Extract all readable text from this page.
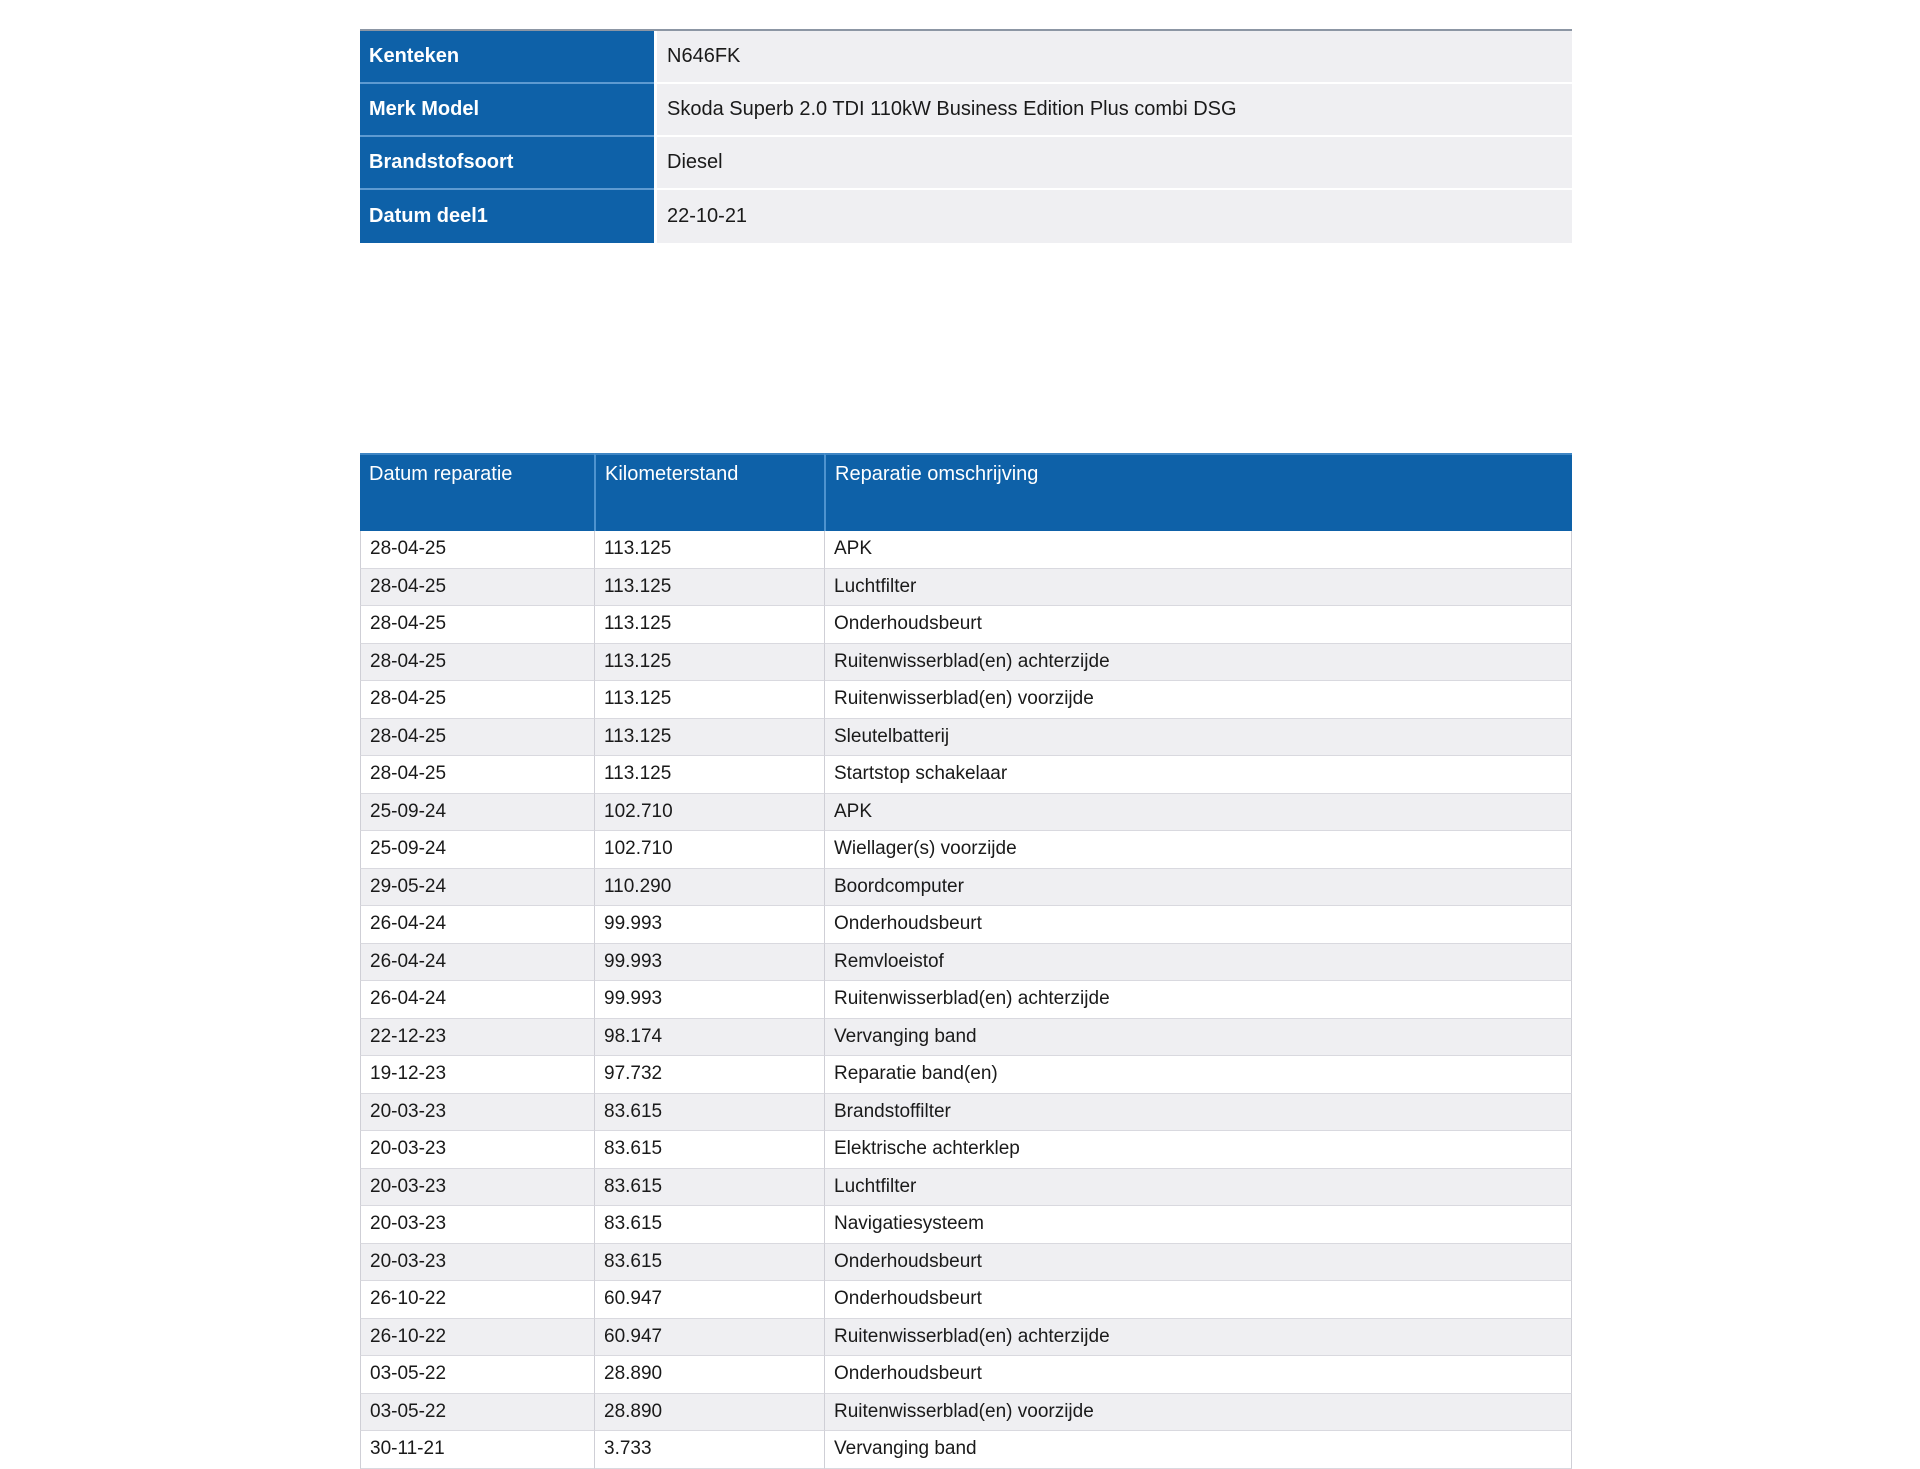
Kenteken	N646FK
Merk Model	Skoda Superb 2.0 TDI 110kW Business Edition Plus combi DSG
Brandstofsoort	Diesel
Datum deel1	22-10-21
Datum reparatie	Kilometerstand	Reparatie omschrijving
28-04-25	113.125	APK
28-04-25	113.125	Luchtfilter
28-04-25	113.125	Onderhoudsbeurt
28-04-25	113.125	Ruitenwisserblad(en) achterzijde
28-04-25	113.125	Ruitenwisserblad(en) voorzijde
28-04-25	113.125	Sleutelbatterij
28-04-25	113.125	Startstop schakelaar
25-09-24	102.710	APK
25-09-24	102.710	Wiellager(s) voorzijde
29-05-24	110.290	Boordcomputer
26-04-24	99.993	Onderhoudsbeurt
26-04-24	99.993	Remvloeistof
26-04-24	99.993	Ruitenwisserblad(en) achterzijde
22-12-23	98.174	Vervanging band
19-12-23	97.732	Reparatie band(en)
20-03-23	83.615	Brandstoffilter
20-03-23	83.615	Elektrische achterklep
20-03-23	83.615	Luchtfilter
20-03-23	83.615	Navigatiesysteem
20-03-23	83.615	Onderhoudsbeurt
26-10-22	60.947	Onderhoudsbeurt
26-10-22	60.947	Ruitenwisserblad(en) achterzijde
03-05-22	28.890	Onderhoudsbeurt
03-05-22	28.890	Ruitenwisserblad(en) voorzijde
30-11-21	3.733	Vervanging band
